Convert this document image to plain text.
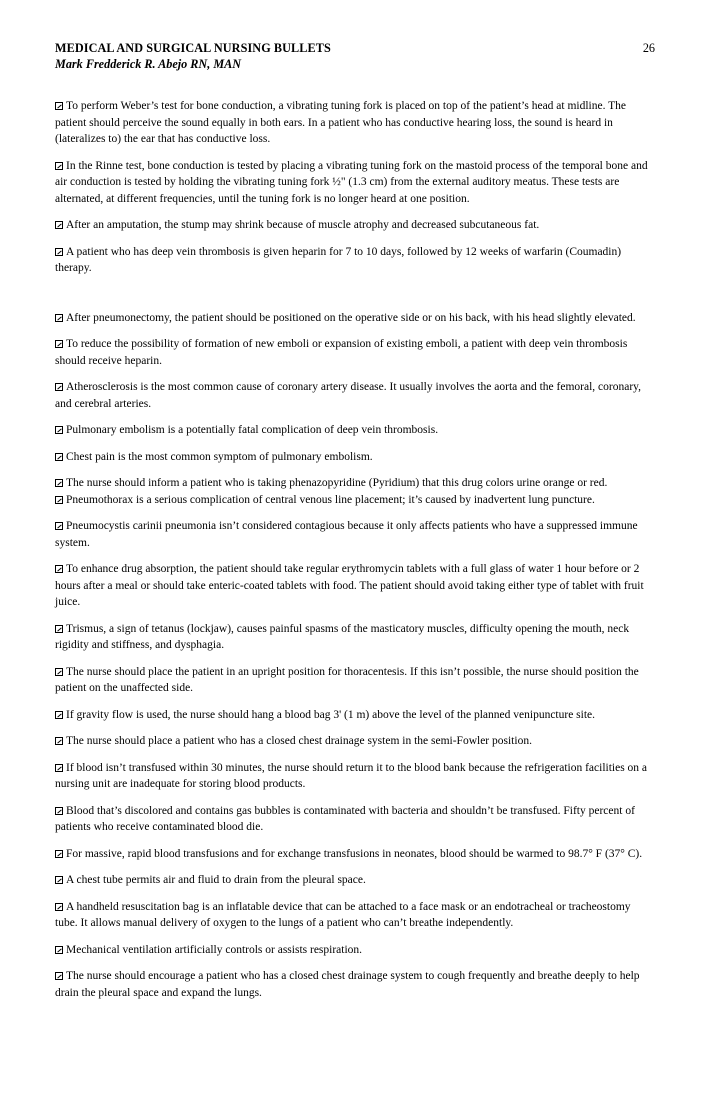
MEDICAL AND SURGICAL NURSING BULLETS	26
Mark Fredderick R. Abejo RN, MAN

To perform Weber’s test for bone conduction, a vibrating tuning fork is placed on top of the patient’s head at midline. The patient should perceive the sound equally in both ears. In a patient who has conductive hearing loss, the sound is heard in (lateralizes to) the ear that has conductive loss.

In the Rinne test, bone conduction is tested by placing a vibrating tuning fork on the mastoid process of the temporal bone and air conduction is tested by holding the vibrating tuning fork ½" (1.3 cm) from the external auditory meatus. These tests are alternated, at different frequencies, until the tuning fork is no longer heard at one position.

After an amputation, the stump may shrink because of muscle atrophy and decreased subcutaneous fat.

A patient who has deep vein thrombosis is given heparin for 7 to 10 days, followed by 12 weeks of warfarin (Coumadin) therapy.

After pneumonectomy, the patient should be positioned on the operative side or on his back, with his head slightly elevated.

To reduce the possibility of formation of new emboli or expansion of existing emboli, a patient with deep vein thrombosis should receive heparin.

Atherosclerosis is the most common cause of coronary artery disease. It usually involves the aorta and the femoral, coronary, and cerebral arteries.

Pulmonary embolism is a potentially fatal complication of deep vein thrombosis.

Chest pain is the most common symptom of pulmonary embolism.

The nurse should inform a patient who is taking phenazopyridine (Pyridium) that this drug colors urine orange or red.

Pneumothorax is a serious complication of central venous line placement; it’s caused by inadvertent lung puncture.

Pneumocystis carinii pneumonia isn’t considered contagious because it only affects patients who have a suppressed immune system.

To enhance drug absorption, the patient should take regular erythromycin tablets with a full glass of water 1 hour before or 2 hours after a meal or should take enteric-coated tablets with food. The patient should avoid taking either type of tablet with fruit juice.

Trismus, a sign of tetanus (lockjaw), causes painful spasms of the masticatory muscles, difficulty opening the mouth, neck rigidity and stiffness, and dysphagia.

The nurse should place the patient in an upright position for thoracentesis. If this isn’t possible, the nurse should position the patient on the unaffected side.

If gravity flow is used, the nurse should hang a blood bag 3' (1 m) above the level of the planned venipuncture site.

The nurse should place a patient who has a closed chest drainage system in the semi-Fowler position.

If blood isn’t transfused within 30 minutes, the nurse should return it to the blood bank because the refrigeration facilities on a nursing unit are inadequate for storing blood products.

Blood that’s discolored and contains gas bubbles is contaminated with bacteria and shouldn’t be transfused. Fifty percent of patients who receive contaminated blood die.

For massive, rapid blood transfusions and for exchange transfusions in neonates, blood should be warmed to 98.7° F (37° C).

A chest tube permits air and fluid to drain from the pleural space.

A handheld resuscitation bag is an inflatable device that can be attached to a face mask or an endotracheal or tracheostomy tube. It allows manual delivery of oxygen to the lungs of a patient who can’t breathe independently.

Mechanical ventilation artificially controls or assists respiration.

The nurse should encourage a patient who has a closed chest drainage system to cough frequently and breathe deeply to help drain the pleural space and expand the lungs.
